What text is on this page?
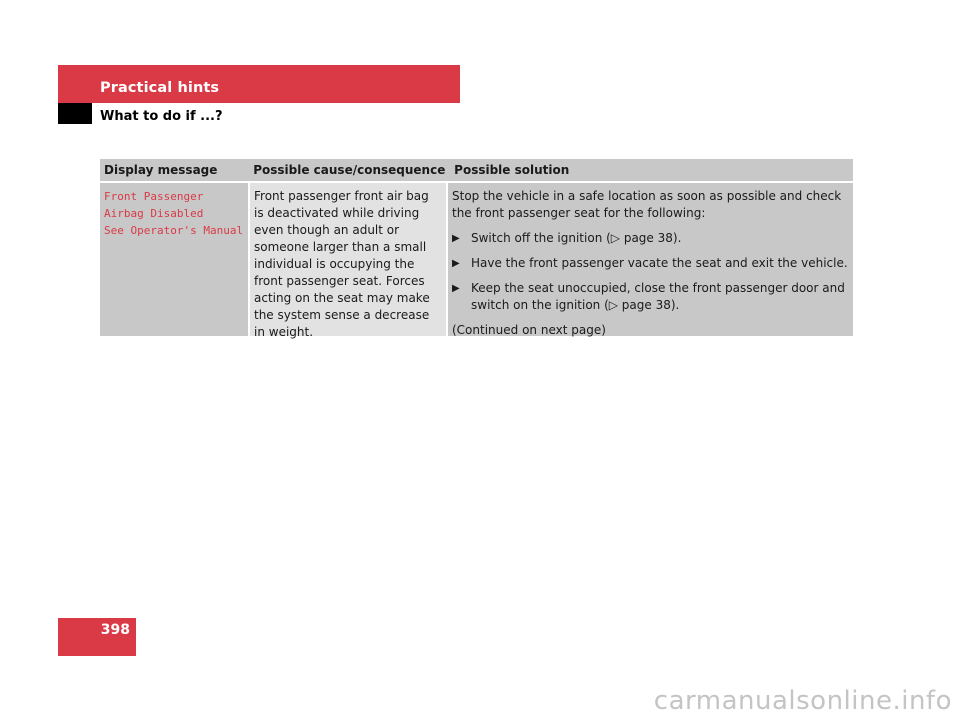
Practical hints
What to do if ...?
Display message	Possible cause/consequence Possible solution
Front Passenger
Airbag Disabled
See Operator's Manual

Front passenger front air bag is deactivated while driving even though an adult or someone larger than a small individual is occupying the front passenger seat. Forces acting on the seat may make the system sense a decrease in weight.

Stop the vehicle in a safe location as soon as possible and check the front passenger seat for the following:

▶ Switch off the ignition (▷ page 38).
▶ Have the front passenger vacate the seat and exit the vehicle.
▶ Keep the seat unoccupied, close the front passenger door and switch on the ignition (▷ page 38).
(Continued on next page)
398
carmanualsonline.info
